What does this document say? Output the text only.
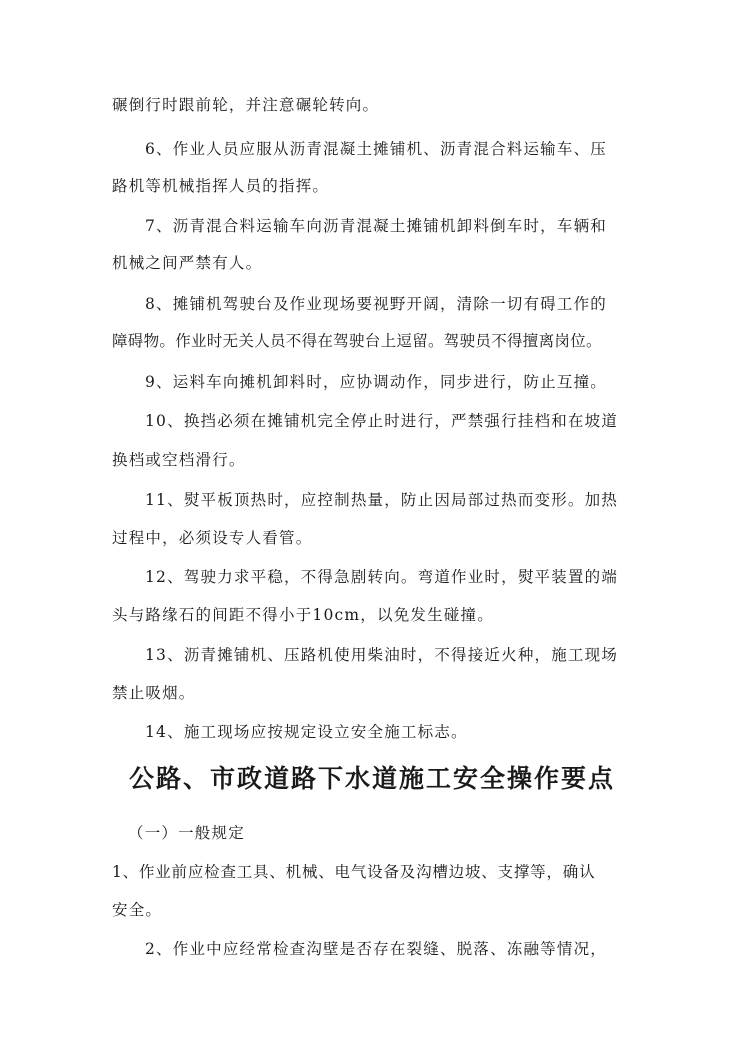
碾倒行时跟前轮，并注意碾轮转向。

6、作业人员应服从沥青混凝土摊铺机、沥青混合料运输车、压

路机等机械指挥人员的指挥。

7、沥青混合料运输车向沥青混凝土摊铺机卸料倒车时，车辆和

机械之间严禁有人。

8、摊铺机驾驶台及作业现场要视野开阔，清除一切有碍工作的

障碍物。作业时无关人员不得在驾驶台上逗留。驾驶员不得擅离岗位。

9、运料车向摊机卸料时，应协调动作，同步进行，防止互撞。

10、换挡必须在摊铺机完全停止时进行，严禁强行挂档和在坡道

换档或空档滑行。

11、熨平板顶热时，应控制热量，防止因局部过热而变形。加热

过程中，必须设专人看管。

12、驾驶力求平稳，不得急剧转向。弯道作业时，熨平装置的端

头与路缘石的间距不得小于10cm，以免发生碰撞。

13、沥青摊铺机、压路机使用柴油时，不得接近火种，施工现场

禁止吸烟。

14、施工现场应按规定设立安全施工标志。

公路、市政道路下水道施工安全操作要点

（一）一般规定

1、作业前应检查工具、机械、电气设备及沟槽边坡、支撑等，确认

安全。

2、作业中应经常检查沟壁是否存在裂缝、脱落、冻融等情况，
